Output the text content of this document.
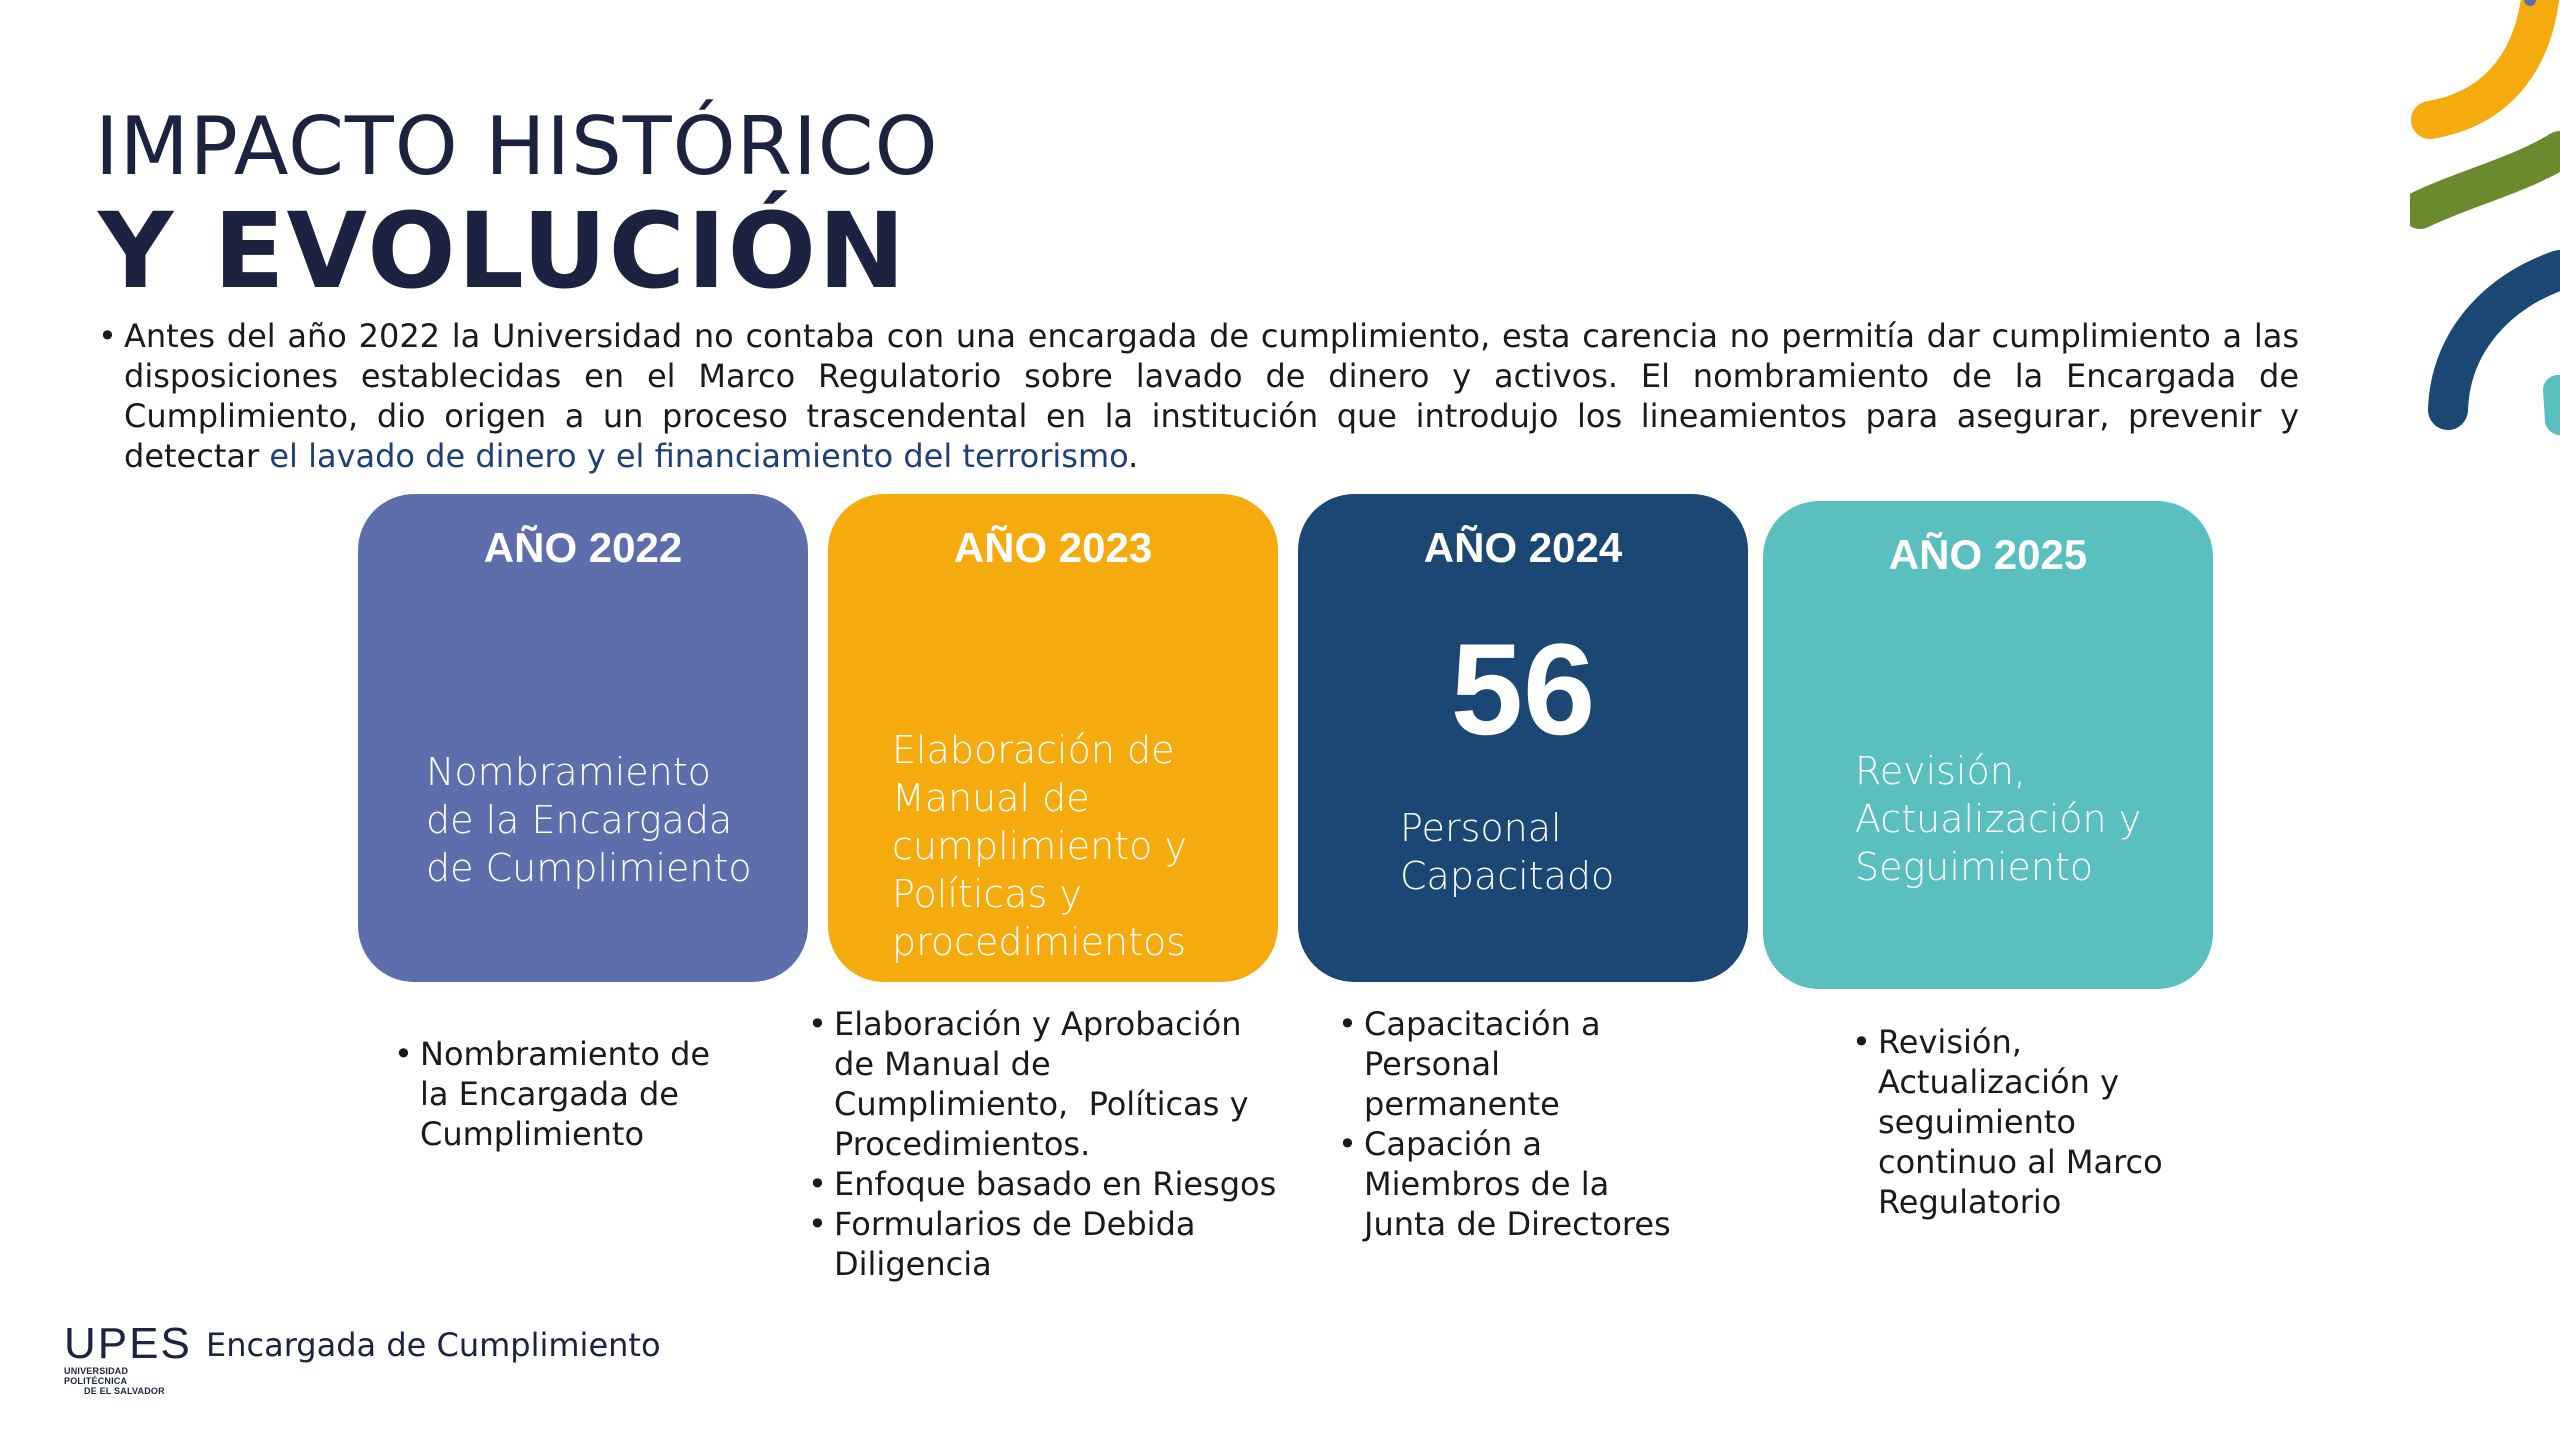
IMPACTO HISTÓRICO
Y EVOLUCIÓN

• Antes del año 2022 la Universidad no contaba con una encargada de cumplimiento, esta carencia no permitía dar cumplimiento a las disposiciones establecidas en el Marco Regulatorio sobre lavado de dinero y activos. El nombramiento de la Encargada de Cumplimiento, dio origen a un proceso trascendental en la institución que introdujo los lineamientos para asegurar, prevenir y detectar el lavado de dinero y el financiamiento del terrorismo.

AÑO 2022
Nombramiento
de la Encargada
de Cumplimiento
AÑO 2023
Elaboración de
Manual de
cumplimiento y
Políticas y
procedimientos
AÑO 2024
56
Personal
Capacitado
AÑO 2025
Revisión,
Actualización y
Seguimiento
• Nombramiento de
la Encargada de
Cumplimiento
• Elaboración y Aprobación
de Manual de
Cumplimiento,  Políticas y
Procedimientos.
• Enfoque basado en Riesgos
• Formularios de Debida
Diligencia
• Capacitación a
Personal
permanente
• Capación a
Miembros de la
Junta de Directores
• Revisión,
Actualización y
seguimiento
continuo al Marco
Regulatorio
UPES
UNIVERSIDAD POLITÉCNICA
DE EL SALVADOR
Encargada de Cumplimiento
